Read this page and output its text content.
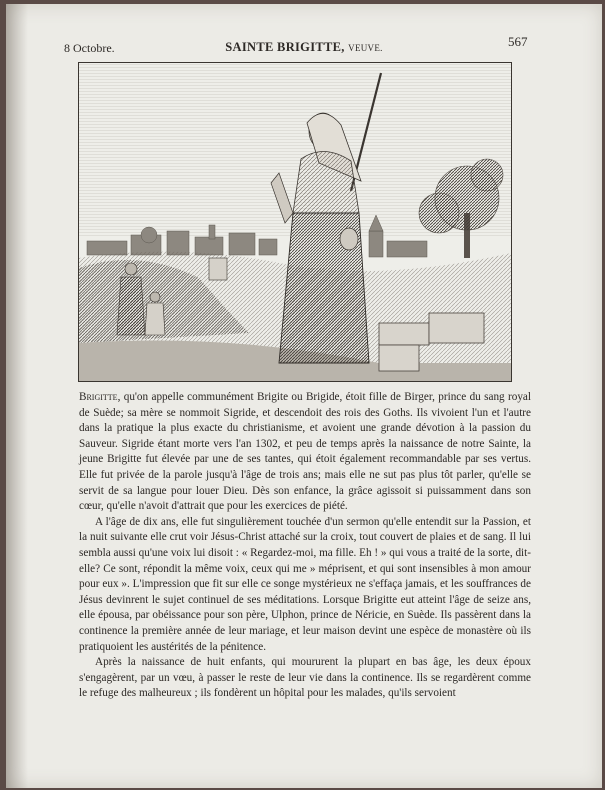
8 Octobre.	SAINTE BRIGITTE, VEUVE.	567

Brigitte, qu'on appelle communément Brigite ou Brigide, étoit fille de Birger, prince du sang royal de Suède; sa mère se nommoit Sigride, et descendoit des rois des Goths. Ils vivoient l'un et l'autre dans la pratique la plus exacte du christianisme, et avoient une grande dévotion à la passion du Sauveur. Sigride étant morte vers l'an 1302, et peu de temps après la naissance de notre Sainte, la jeune Brigitte fut élevée par une de ses tantes, qui étoit également recommandable par ses vertus. Elle fut privée de la parole jusqu'à l'âge de trois ans; mais elle ne sut pas plus tôt parler, qu'elle se servit de sa langue pour louer Dieu. Dès son enfance, la grâce agissoit si puissamment dans son cœur, qu'elle n'avoit d'attrait que pour les exercices de piété.

A l'âge de dix ans, elle fut singulièrement touchée d'un sermon qu'elle entendit sur la Passion, et la nuit suivante elle crut voir Jésus-Christ attaché sur la croix, tout couvert de plaies et de sang. Il lui sembla aussi qu'une voix lui disoit : « Regardez-moi, ma fille. Eh ! » qui vous a traité de la sorte, dit-elle? Ce sont, répondit la même voix, ceux qui me » méprisent, et qui sont insensibles à mon amour pour eux ». L'impression que fit sur elle ce songe mystérieux ne s'effaça jamais, et les souffrances de Jésus devinrent le sujet continuel de ses méditations. Lorsque Brigitte eut atteint l'âge de seize ans, elle épousa, par obéissance pour son père, Ulphon, prince de Néricie, en Suède. Ils passèrent dans la continence la première année de leur mariage, et leur maison devint une espèce de monastère où ils pratiquoient les austérités de la pénitence.

Après la naissance de huit enfants, qui moururent la plupart en bas âge, les deux époux s'engagèrent, par un vœu, à passer le reste de leur vie dans la continence. Ils se regardèrent comme le refuge des malheureux ; ils fondèrent un hôpital pour les malades, qu'ils servoient
